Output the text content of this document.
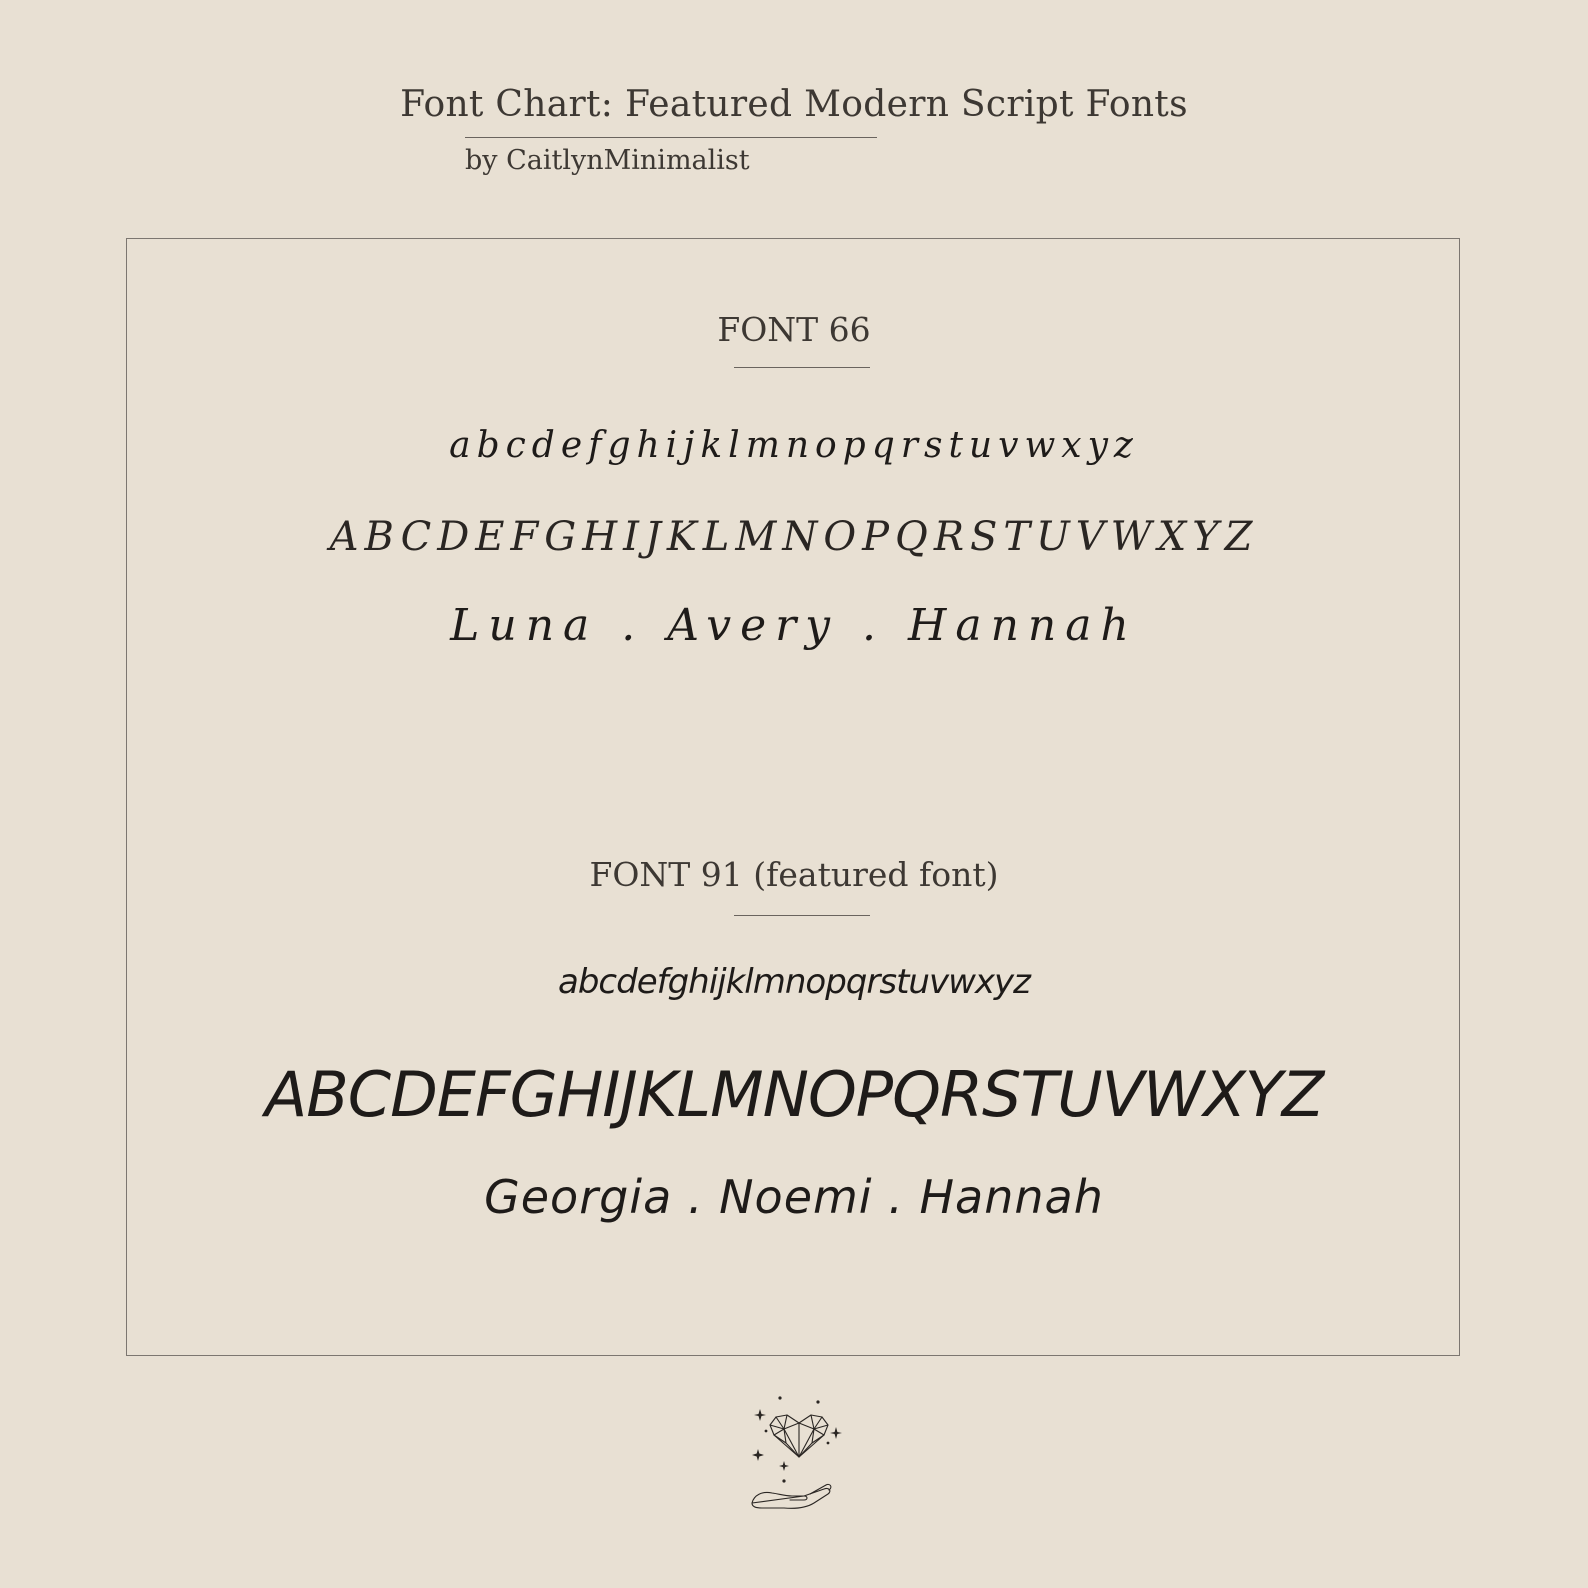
Font Chart: Featured Modern Script Fonts
by CaitlynMinimalist
FONT 66

abcdefghijklmnopqrstuvwxyz

ABCDEFGHIJKLMNOPQRSTUVWXYZ

Luna . Avery . Hannah

FONT 91 (featured font)

abcdefghijklmnopqrstuvwxyz

ABCDEFGHIJKLMNOPQRSTUVWXYZ

Georgia . Noemi . Hannah
